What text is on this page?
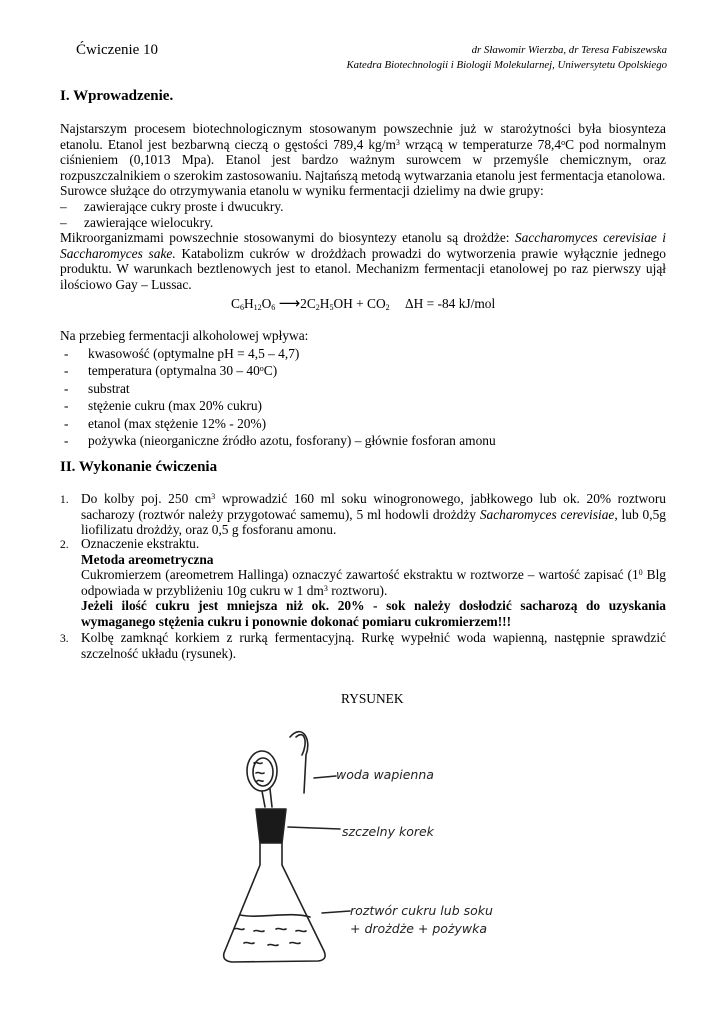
Ćwiczenie 10	dr Sławomir Wierzba, dr Teresa Fabiszewska
Katedra Biotechnologii i Biologii Molekularnej, Uniwersytetu Opolskiego
I. Wprowadzenie.
Najstarszym procesem biotechnologicznym stosowanym powszechnie już w starożytności była biosynteza
etanolu. Etanol jest bezbarwną cieczą o gęstości 789,4 $kg/m^3$ wrzącą w temperaturze 78,4$^o$C pod normalnym
ciśnieniem (0,1013 Mpa). Etanol jest bardzo ważnym surowcem w przemyśle chemicznym, oraz
rozpuszczalnikiem o szerokim zastosowaniu. Najtańszą metodą wytwarzania etanolu jest fermentacja etanolowa.
Surowce służące do otrzymywania etanolu w wyniku fermentacji dzielimy na dwie grupy:
– zawierające cukry proste i dwucukry.
– zawierające wielocukry.
Mikroorganizmami powszechnie stosowanymi do biosyntezy etanolu są drożdże: Saccharomyces cerevisiae i
Saccharomyces sake. Katabolizm cukrów w drożdżach prowadzi do wytworzenia prawie wyłącznie jednego
produktu. W warunkach beztlenowych jest to etanol. Mechanizm fermentacji etanolowej po raz pierwszy ujął
ilościowo Gay – Lussac.
$C_6H_{12}O_6$ $⟶2C_2H_5OH + CO_2$ ΔH = -84 kJ/mol
Na przebieg fermentacji alkoholowej wpływa:
- kwasowość (optymalne pH = 4,5 – 4,7)
- temperatura (optymalna 30 – 40$^o$C)
- substrat
- stężenie cukru (max 20% cukru)
- etanol (max stężenie 12% - 20%)
- pożywka (nieorganiczne źródło azotu, fosforany) – głównie fosforan amonu
II. Wykonanie ćwiczenia
1. Do kolby poj. 250 $cm^3$ wprowadzić 160 ml soku winogronowego, jabłkowego lub ok. 20% roztworu
sacharozy (roztwór należy przygotować samemu), 5 ml hodowli drożdży Sacharomyces cerevisiae, lub 0,5g
liofilizatu drożdży, oraz 0,5 g fosforanu amonu.
2. Oznaczenie ekstraktu.
Metoda areometryczna
Cukromierzem (areometrem Hallinga) oznaczyć zawartość ekstraktu w roztworze – wartość zapisać ($1^0$ Blg
odpowiada w przybliżeniu 10g cukru w 1 $dm^3$ roztworu).
Jeżeli ilość cukru jest mniejsza niż ok. 20% - sok należy dosłodzić sacharozą do uzyskania
wymaganego stężenia cukru i ponownie dokonać pomiaru cukromierzem!!!
3. Kolbę zamknąć korkiem z rurką fermentacyjną. Rurkę wypełnić woda wapienną, następnie sprawdzić
szczelność układu (rysunek).
RYSUNEK
woda wapienna
szczelny korek
roztwór cukru lub soku
+ drożdże + pożywka
